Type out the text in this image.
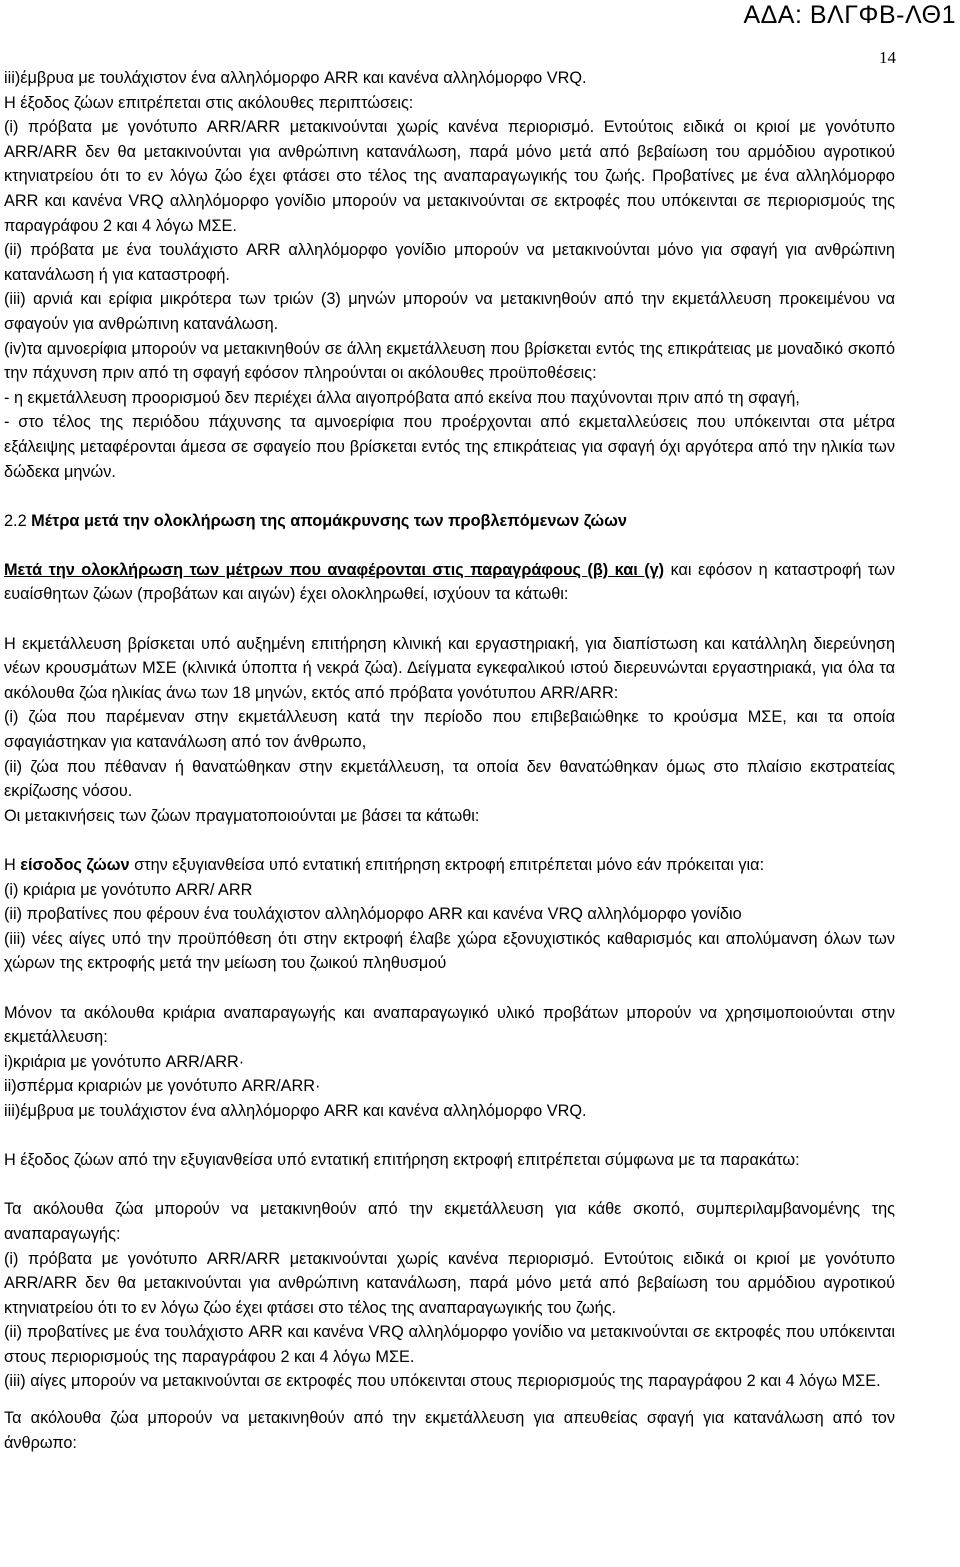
ΑΔΑ: ΒΛΓΦΒ-ΛΘ1
14

iii)έμβρυα με τουλάχιστον ένα αλληλόμορφο ARR και κανένα αλληλόμορφο VRQ.

Η έξοδος ζώων επιτρέπεται στις ακόλουθες περιπτώσεις:

(i) πρόβατα με γονότυπο ARR/ARR μετακινούνται χωρίς κανένα περιορισμό. Εντούτοις ειδικά οι κριοί με γονότυπο ARR/ARR δεν θα μετακινούνται για ανθρώπινη κατανάλωση, παρά μόνο μετά από βεβαίωση του αρμόδιου αγροτικού κτηνιατρείου ότι το εν λόγω ζώο έχει φτάσει στο τέλος της αναπαραγωγικής του ζωής. Προβατίνες με ένα αλληλόμορφο ARR και κανένα VRQ αλληλόμορφο γονίδιο μπορούν να μετακινούνται σε εκτροφές που υπόκεινται σε περιορισμούς της παραγράφου 2 και 4 λόγω ΜΣΕ.

(ii) πρόβατα με ένα τουλάχιστο ARR αλληλόμορφο γονίδιο μπορούν να μετακινούνται μόνο για σφαγή για ανθρώπινη κατανάλωση ή για καταστροφή.

(iii) αρνιά και ερίφια μικρότερα των τριών (3) μηνών μπορούν να μετακινηθούν από την εκμετάλλευση προκειμένου να σφαγούν για ανθρώπινη κατανάλωση.

(iv)τα αμνοερίφια μπορούν να μετακινηθούν σε άλλη εκμετάλλευση που βρίσκεται εντός της επικράτειας με μοναδικό σκοπό την πάχυνση πριν από τη σφαγή εφόσον πληρούνται οι ακόλουθες προϋποθέσεις:

- η εκμετάλλευση προορισμού δεν περιέχει άλλα αιγοπρόβατα από εκείνα που παχύνονται πριν από τη σφαγή,

- στο τέλος της περιόδου πάχυνσης τα αμνοερίφια που προέρχονται από εκμεταλλεύσεις που υπόκεινται στα μέτρα εξάλειψης μεταφέρονται άμεσα σε σφαγείο που βρίσκεται εντός της επικράτειας για σφαγή όχι αργότερα από την ηλικία των δώδεκα μηνών.

2.2 Μέτρα μετά την ολοκλήρωση της απομάκρυνσης των προβλεπόμενων ζώων

Μετά την ολοκλήρωση των μέτρων που αναφέρονται στις παραγράφους (β) και (γ) και εφόσον η καταστροφή των ευαίσθητων ζώων (προβάτων και αιγών) έχει ολοκληρωθεί, ισχύουν τα κάτωθι:

Η εκμετάλλευση βρίσκεται υπό αυξημένη επιτήρηση κλινική και εργαστηριακή, για διαπίστωση και κατάλληλη διερεύνηση νέων κρουσμάτων ΜΣΕ (κλινικά ύποπτα ή νεκρά ζώα). Δείγματα εγκεφαλικού ιστού διερευνώνται εργαστηριακά, για όλα τα ακόλουθα ζώα ηλικίας άνω των 18 μηνών, εκτός από πρόβατα γονότυπου ARR/ARR:

(i) ζώα που παρέμεναν στην εκμετάλλευση κατά την περίοδο που επιβεβαιώθηκε το κρούσμα ΜΣΕ, και τα οποία σφαγιάστηκαν για κατανάλωση από τον άνθρωπο,

(ii) ζώα που πέθαναν ή θανατώθηκαν στην εκμετάλλευση, τα οποία δεν θανατώθηκαν όμως στο πλαίσιο εκστρατείας εκρίζωσης νόσου.

Οι μετακινήσεις των ζώων πραγματοποιούνται με βάσει τα κάτωθι:

Η είσοδος ζώων στην εξυγιανθείσα υπό εντατική επιτήρηση εκτροφή επιτρέπεται μόνο εάν πρόκειται για:

(i) κριάρια με γονότυπο ARR/ ARR

(ii) προβατίνες που φέρουν ένα τουλάχιστον αλληλόμορφο ARR και κανένα VRQ αλληλόμορφο γονίδιο

(iii) νέες αίγες υπό την προϋπόθεση ότι στην εκτροφή έλαβε χώρα εξονυχιστικός καθαρισμός και απολύμανση όλων των χώρων της εκτροφής μετά την μείωση του ζωικού πληθυσμού

Μόνον τα ακόλουθα κριάρια αναπαραγωγής και αναπαραγωγικό υλικό προβάτων μπορούν να χρησιμοποιούνται στην εκμετάλλευση:

i)κριάρια με γονότυπο ARR/ARR·

ii)σπέρμα κριαριών με γονότυπο ARR/ARR·

iii)έμβρυα με τουλάχιστον ένα αλληλόμορφο ARR και κανένα αλληλόμορφο VRQ.

Η έξοδος ζώων από την εξυγιανθείσα υπό εντατική επιτήρηση εκτροφή επιτρέπεται σύμφωνα με τα παρακάτω:

Τα ακόλουθα ζώα μπορούν να μετακινηθούν από την εκμετάλλευση για κάθε σκοπό, συμπεριλαμβανομένης της αναπαραγωγής:

(i) πρόβατα με γονότυπο ARR/ARR μετακινούνται χωρίς κανένα περιορισμό. Εντούτοις ειδικά οι κριοί με γονότυπο ARR/ARR δεν θα μετακινούνται για ανθρώπινη κατανάλωση, παρά μόνο μετά από βεβαίωση του αρμόδιου αγροτικού κτηνιατρείου ότι το εν λόγω ζώο έχει φτάσει στο τέλος της αναπαραγωγικής του ζωής.

(ii) προβατίνες με ένα τουλάχιστο ARR και κανένα VRQ αλληλόμορφο γονίδιο να μετακινούνται σε εκτροφές που υπόκεινται στους περιορισμούς της παραγράφου 2 και 4 λόγω ΜΣΕ.

(iii) αίγες μπορούν να μετακινούνται σε εκτροφές που υπόκεινται στους περιορισμούς της παραγράφου 2 και 4 λόγω ΜΣΕ.

Τα ακόλουθα ζώα μπορούν να μετακινηθούν από την εκμετάλλευση για απευθείας σφαγή για κατανάλωση από τον άνθρωπο:
